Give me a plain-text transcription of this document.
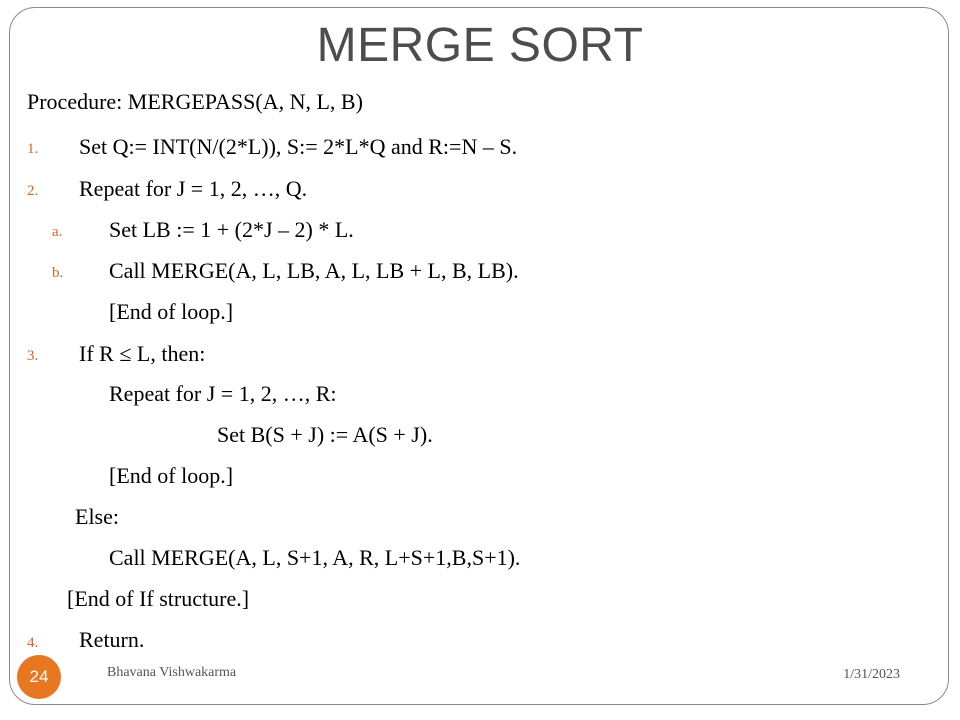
MERGE SORT
Procedure: MERGEPASS(A, N, L, B)
1. Set Q:= INT(N/(2*L)), S:= 2*L*Q and R:=N – S.
2. Repeat for J = 1, 2, …, Q.
a. Set LB := 1 + (2*J – 2) * L.
b. Call MERGE(A, L, LB, A, L, LB + L, B, LB).
[End of loop.]
3. If R ≤ L, then:
Repeat for J = 1, 2, …, R:
Set B(S + J) := A(S + J).
[End of loop.]
Else:
Call MERGE(A, L, S+1, A, R, L+S+1,B,S+1).
[End of If structure.]
4. Return.
24	Bhavana Vishwakarma	1/31/2023
